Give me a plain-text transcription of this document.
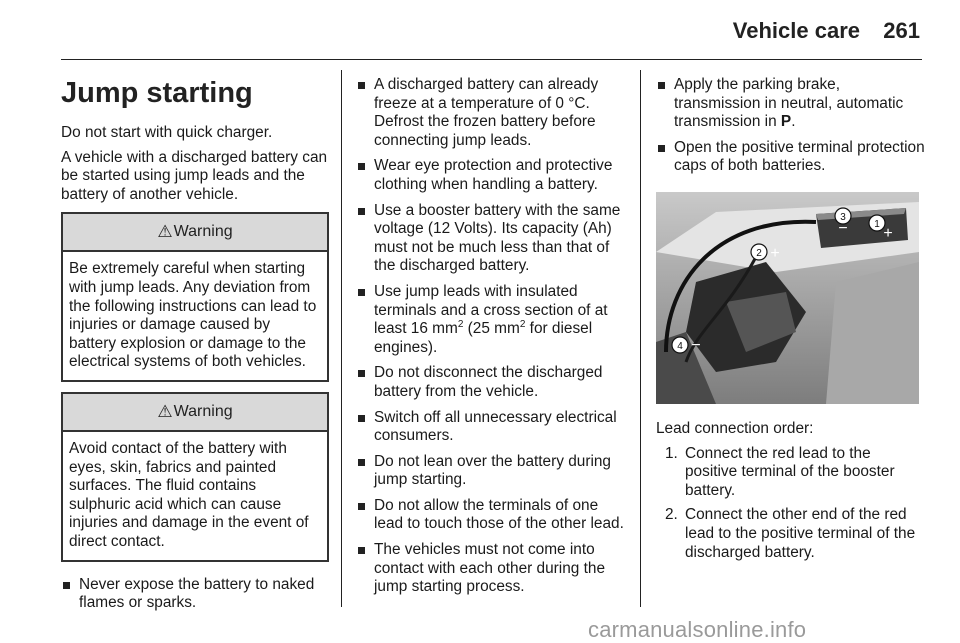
Vehicle care	261
Jump starting

Do not start with quick charger.

A vehicle with a discharged battery can be started using jump leads and the battery of another vehicle.

⚠ Warning
Be extremely careful when starting with jump leads. Any deviation from the following instructions can lead to injuries or damage caused by battery explosion or damage to the electrical systems of both vehicles.
⚠ Warning
Avoid contact of the battery with eyes, skin, fabrics and painted surfaces. The fluid contains sulphuric acid which can cause injuries and damage in the event of direct contact.
Never expose the battery to naked flames or sparks.
A discharged battery can already freeze at a temperature of 0 °C. Defrost the frozen battery before connecting jump leads.
Wear eye protection and protective clothing when handling a battery.
Use a booster battery with the same voltage (12 Volts). Its capacity (Ah) must not be much less than that of the discharged battery.
Use jump leads with insulated terminals and a cross section of at least 16 $mm^2$ (25 $mm^2$ for diesel engines).
Do not disconnect the discharged battery from the vehicle.
Switch off all unnecessary electrical consumers.
Do not lean over the battery during jump starting.
Do not allow the terminals of one lead to touch those of the other lead.
The vehicles must not come into contact with each other during the jump starting process.
Apply the parking brake, transmission in neutral, automatic transmission in P.
Open the positive terminal protection caps of both batteries.
1
+
2 +
3
−
4 −

Lead connection order:

1. Connect the red lead to the positive terminal of the booster battery.
2. Connect the other end of the red lead to the positive terminal of the discharged battery.
carmanualsonline.info
